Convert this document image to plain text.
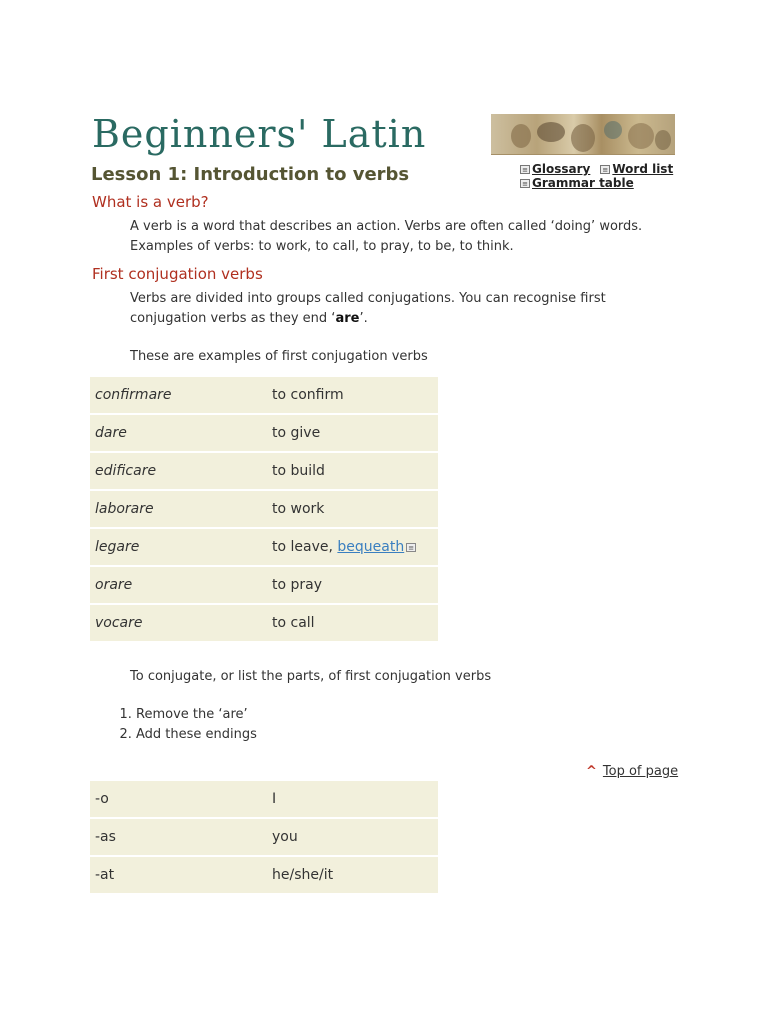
Beginners' Latin
Lesson 1: Introduction to verbs	≡ Glossary ≡ Word list
≡ Grammar table
What is a verb?
A verb is a word that describes an action. Verbs are often called ‘doing’ words.
Examples of verbs: to work, to call, to pray, to be, to think.
First conjugation verbs
Verbs are divided into groups called conjugations. You can recognise first
conjugation verbs as they end ‘are’.
These are examples of first conjugation verbs
confirmare	to confirm
dare	to give
edificare	to build
laborare	to work
legare	to leave, bequeath ≡
orare	to pray
vocare	to call
To conjugate, or list the parts, of first conjugation verbs
1. Remove the ‘are’
2. Add these endings
^ Top of page
-o	I
-as	you
-at	he/she/it
